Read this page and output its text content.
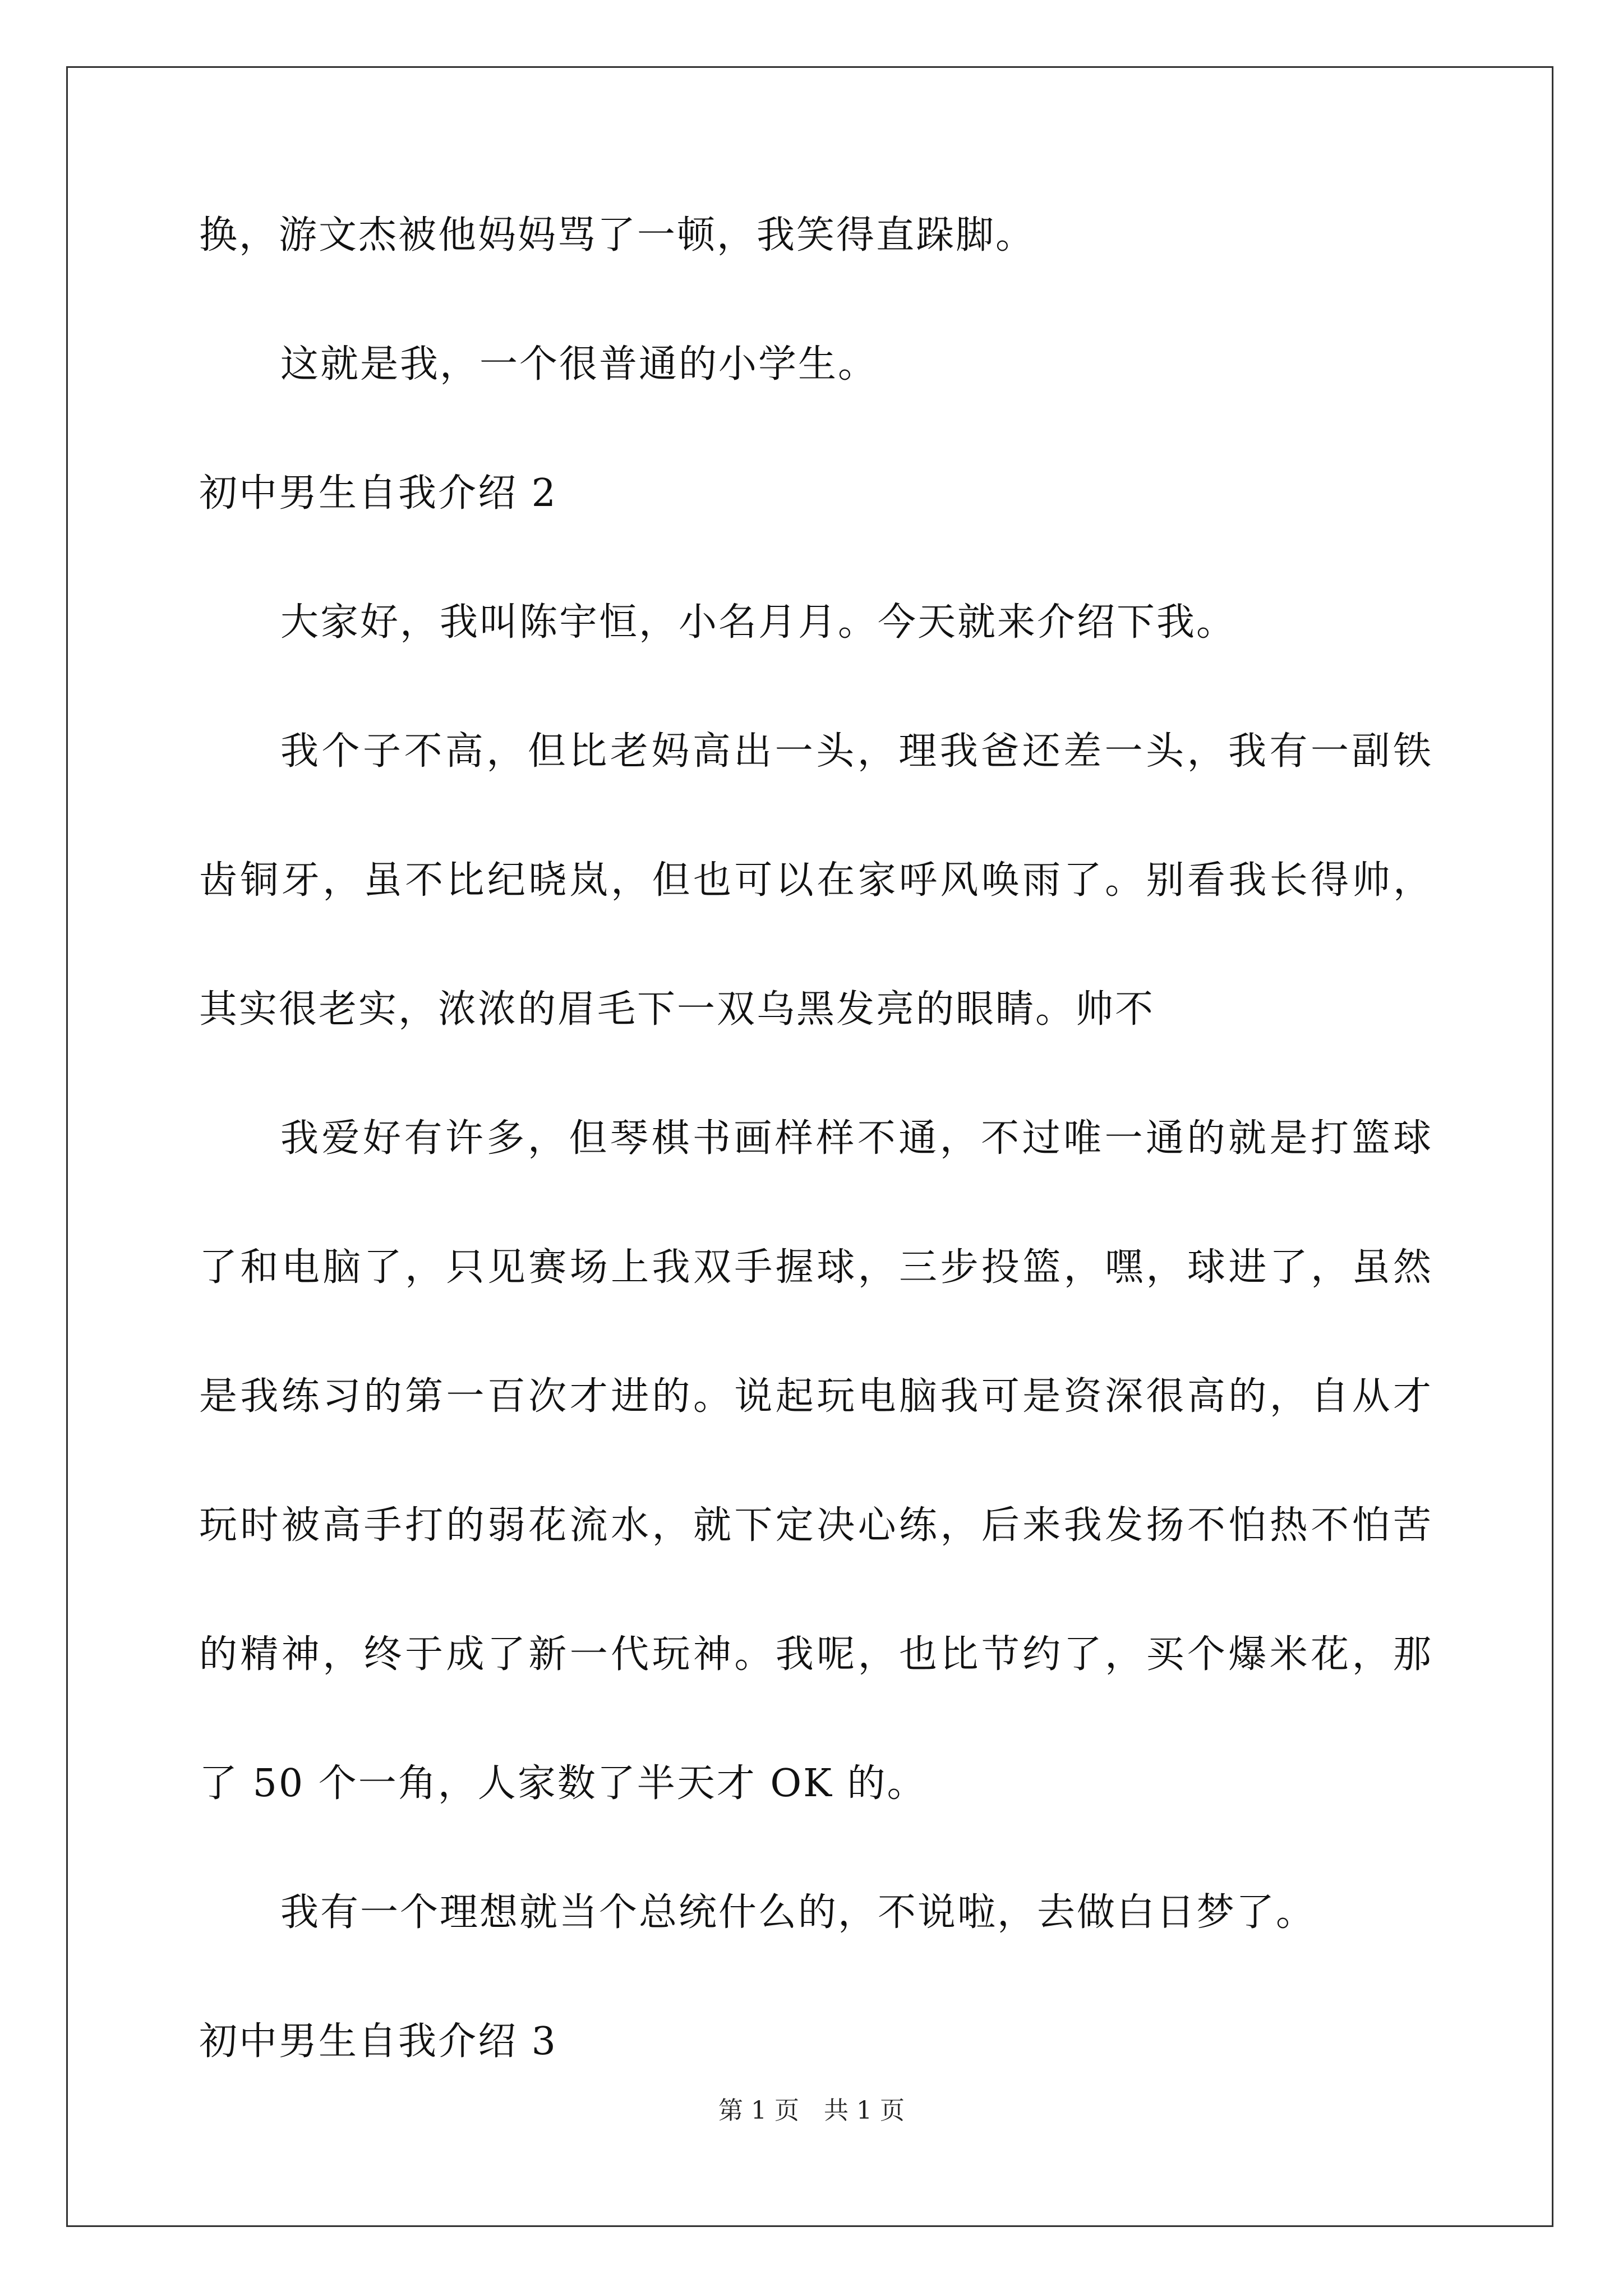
换，游文杰被他妈妈骂了一顿，我笑得直跺脚。
这就是我，一个很普通的小学生。
初中男生自我介绍 2
大家好，我叫陈宇恒，小名月月。今天就来介绍下我。
我个子不高，但比老妈高出一头，理我爸还差一头，我有一副铁
齿铜牙，虽不比纪晓岚，但也可以在家呼风唤雨了。别看我长得帅，
其实很老实，浓浓的眉毛下一双乌黑发亮的眼睛。帅不
我爱好有许多，但琴棋书画样样不通，不过唯一通的就是打篮球
了和电脑了，只见赛场上我双手握球，三步投篮，嘿，球进了，虽然
是我练习的第一百次才进的。说起玩电脑我可是资深很高的，自从才
玩时被高手打的弱花流水，就下定决心练，后来我发扬不怕热不怕苦
的精神，终于成了新一代玩神。我呢，也比节约了，买个爆米花，那
了 50 个一角，人家数了半天才 OK 的。
我有一个理想就当个总统什么的，不说啦，去做白日梦了。
初中男生自我介绍 3
第 1 页　共 1 页
